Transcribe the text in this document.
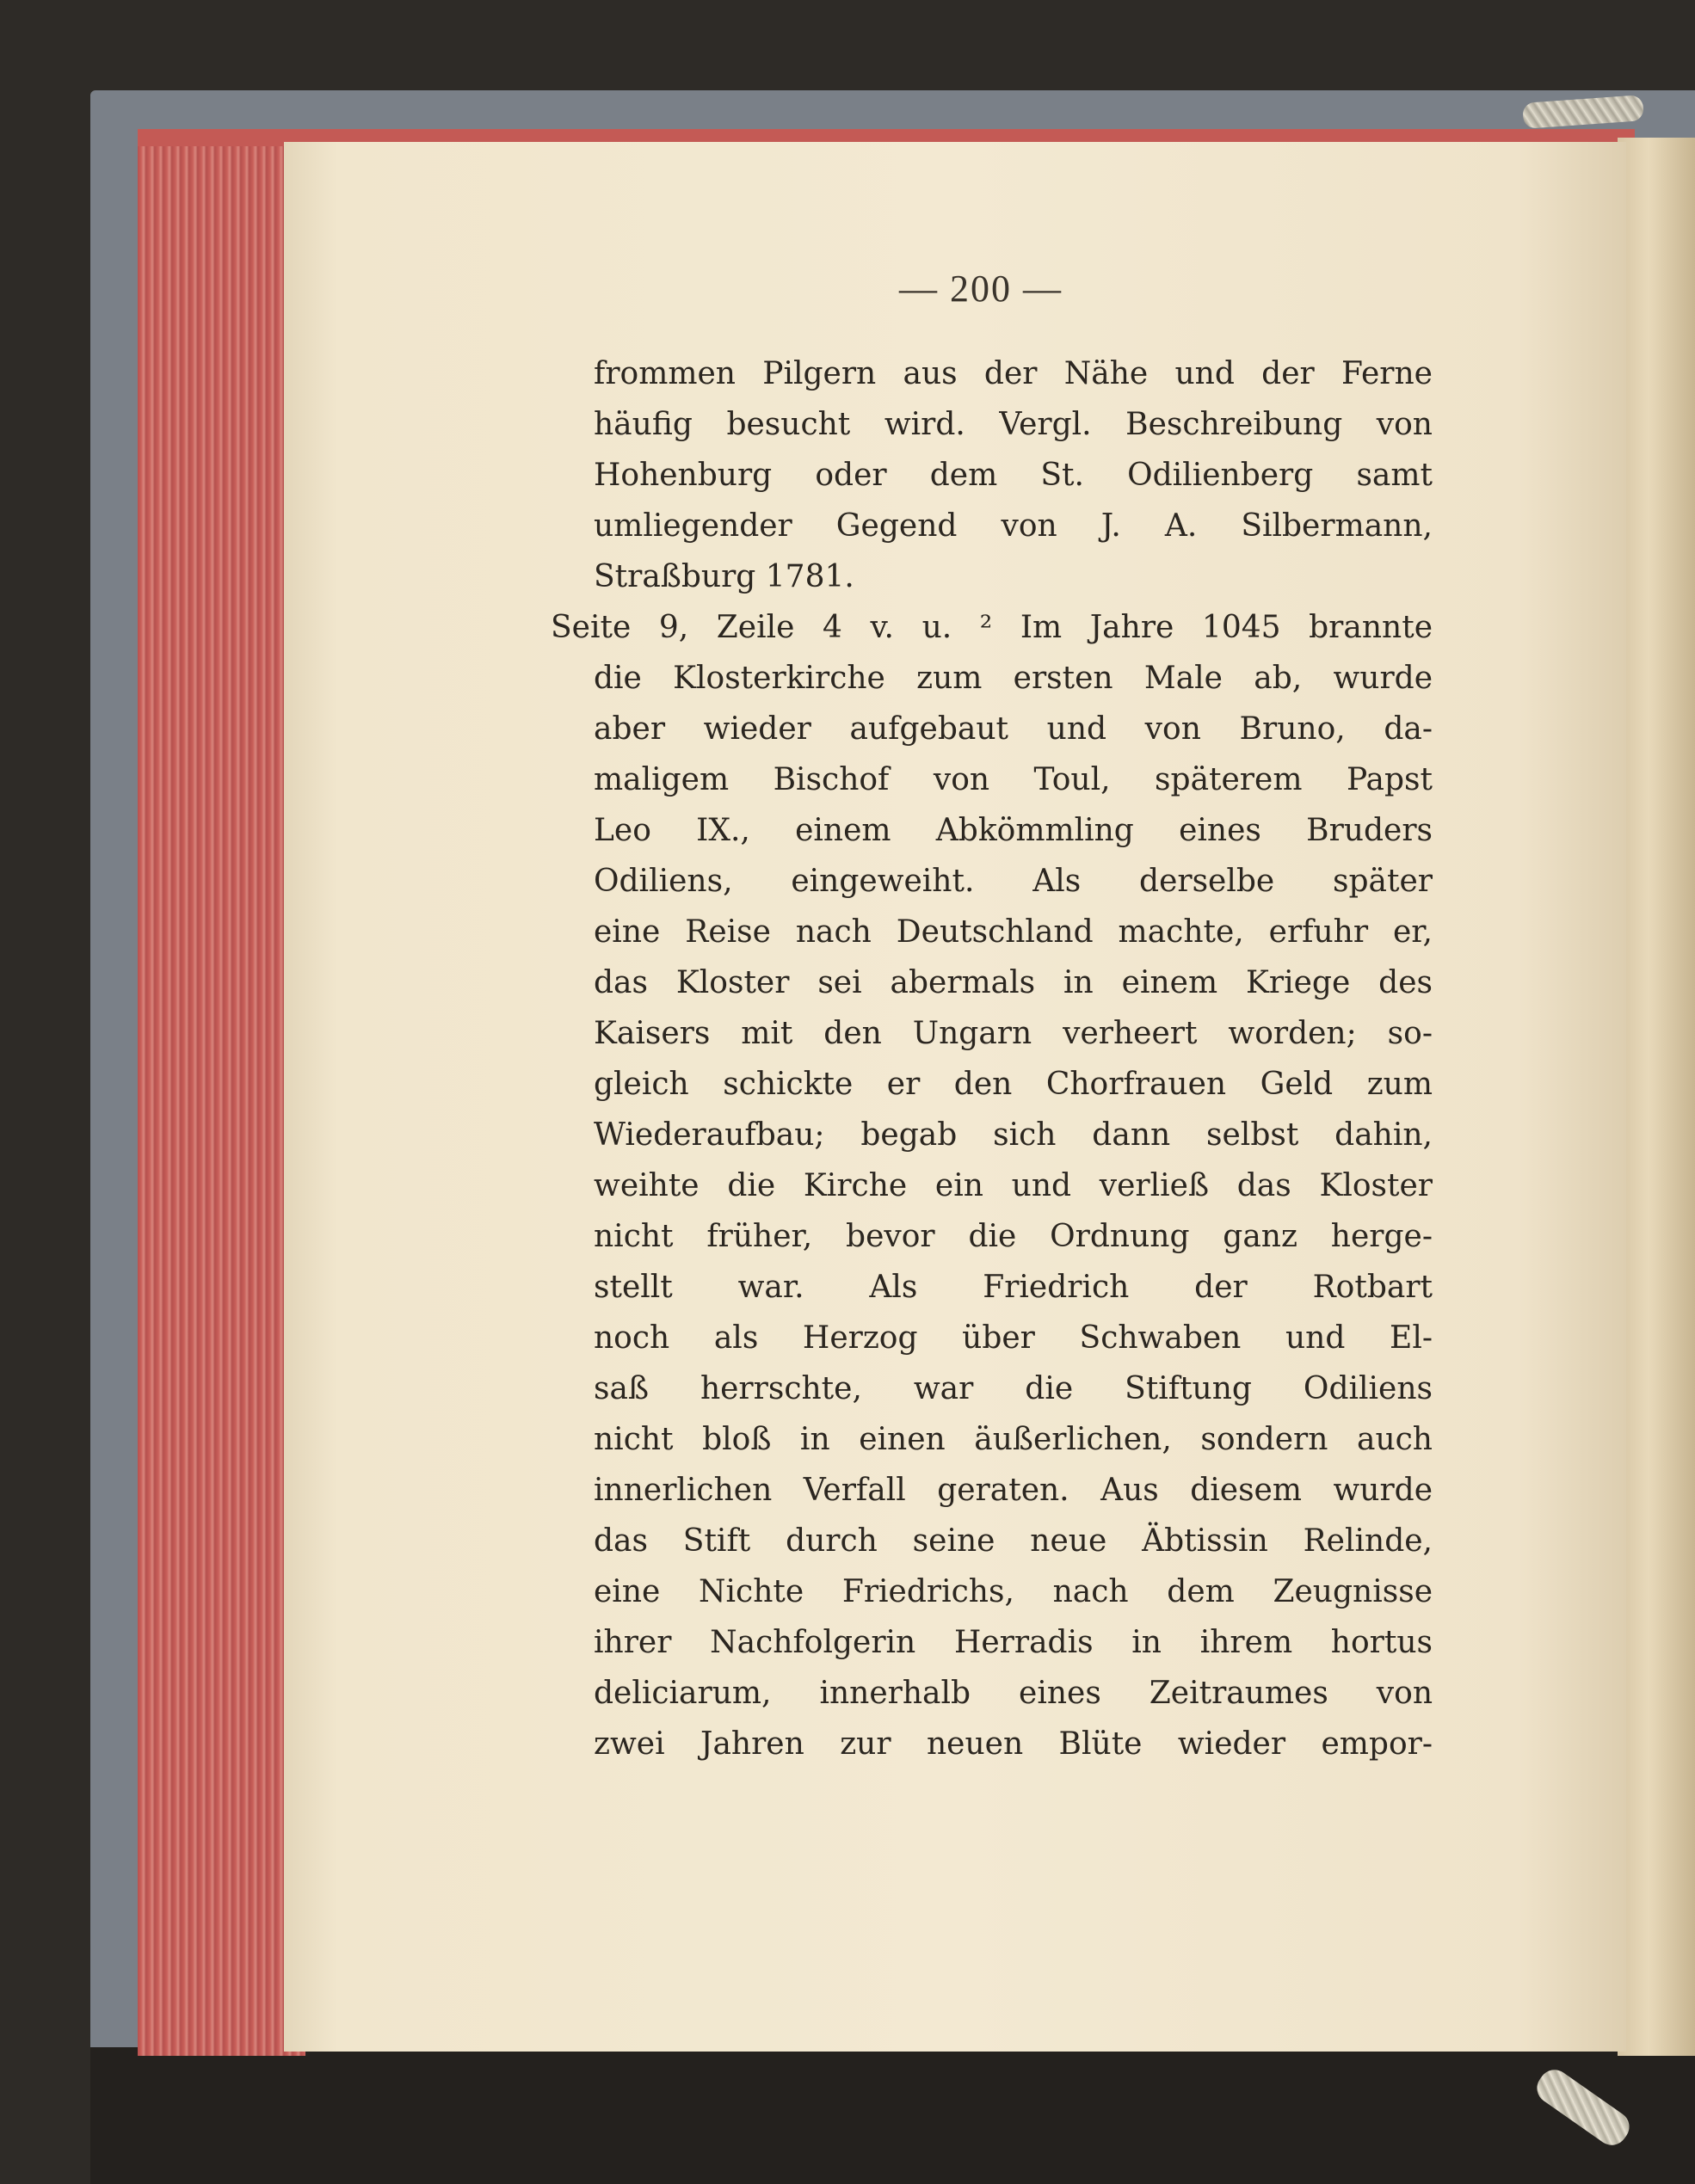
— 200 —

frommen Pilgern aus der Nähe und der Ferne
häufig besucht wird. Vergl. Beschreibung von
Hohenburg oder dem St. Odilienberg samt
umliegender Gegend von J. A. Silbermann,
Straßburg 1781.
Seite 9, Zeile 4 v. u. ² Im Jahre 1045 brannte
die Klosterkirche zum ersten Male ab, wurde
aber wieder aufgebaut und von Bruno, da-
maligem Bischof von Toul, späterem Papst
Leo IX., einem Abkömmling eines Bruders
Odiliens, eingeweiht. Als derselbe später
eine Reise nach Deutschland machte, erfuhr er,
das Kloster sei abermals in einem Kriege des
Kaisers mit den Ungarn verheert worden; so-
gleich schickte er den Chorfrauen Geld zum
Wiederaufbau; begab sich dann selbst dahin,
weihte die Kirche ein und verließ das Kloster
nicht früher, bevor die Ordnung ganz herge-
stellt war. Als Friedrich der Rotbart
noch als Herzog über Schwaben und El-
saß herrschte, war die Stiftung Odiliens
nicht bloß in einen äußerlichen, sondern auch
innerlichen Verfall geraten. Aus diesem wurde
das Stift durch seine neue Äbtissin Relinde,
eine Nichte Friedrichs, nach dem Zeugnisse
ihrer Nachfolgerin Herradis in ihrem hortus
deliciarum, innerhalb eines Zeitraumes von
zwei Jahren zur neuen Blüte wieder empor-
